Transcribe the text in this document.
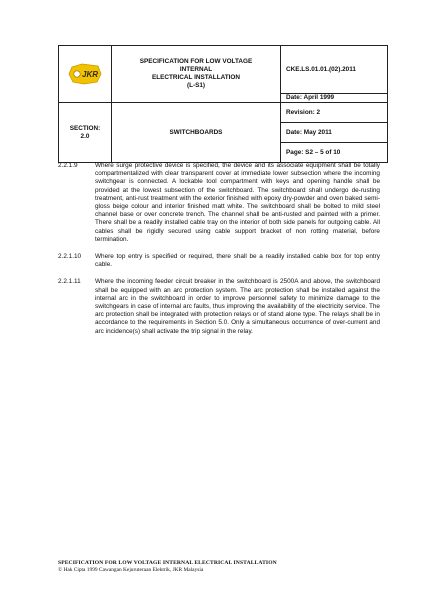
JKR	SPECIFICATION FOR LOW VOLTAGE
INTERNAL
ELECTRICAL INSTALLATION
(L-S1)	CKE.LS.01.01.(02).2011

		Date: April 1999

SECTION:
2.0	SWITCHBOARDS	Revision: 2

		Date: May 2011

		Page: S2 – 5 of 10
2.2.1.9	Where surge protective device is specified, the device and its associate equipment shall be totally compartmentalized with clear transparent cover at immediate lower subsection where the incoming switchgear is connected. A lockable tool compartment with keys and opening handle shall be provided at the lowest subsection of the switchboard. The switchboard shall undergo de-rusting treatment, anti-rust treatment with the exterior finished with epoxy dry-powder and oven baked semi-gloss beige colour and interior finished matt white. The switchboard shall be bolted to mild steel channel base or over concrete trench. The channel shall be anti-rusted and painted with a primer. There shall be a readily installed cable tray on the interior of both side panels for outgoing cable. All cables shall be rigidly secured using cable support bracket of non rotting material, before termination.
2.2.1.10	Where top entry is specified or required, there shall be a readily installed cable box for top entry cable.
2.2.1.11	Where the incoming feeder circuit breaker in the switchboard is 2500A and above, the switchboard shall be equipped with an arc protection system. The arc protection shall be installed against the internal arc in the switchboard in order to improve personnel safety to minimize damage to the switchgears in case of internal arc faults, thus improving the availability of the electricity service. The arc protection shall be integrated with protection relays or of stand alone type. The relays shall be in accordance to the requirements in Section 5.0. Only a simultaneous occurrence of over-current and arc incidence(s) shall activate the trip signal in the relay.
SPECIFICATION FOR LOW VOLTAGE INTERNAL ELECTRICAL INSTALLATION
© Hak Cipta 1999 Cawangan Kejuruteraan Elektrik, JKR Malaysia
